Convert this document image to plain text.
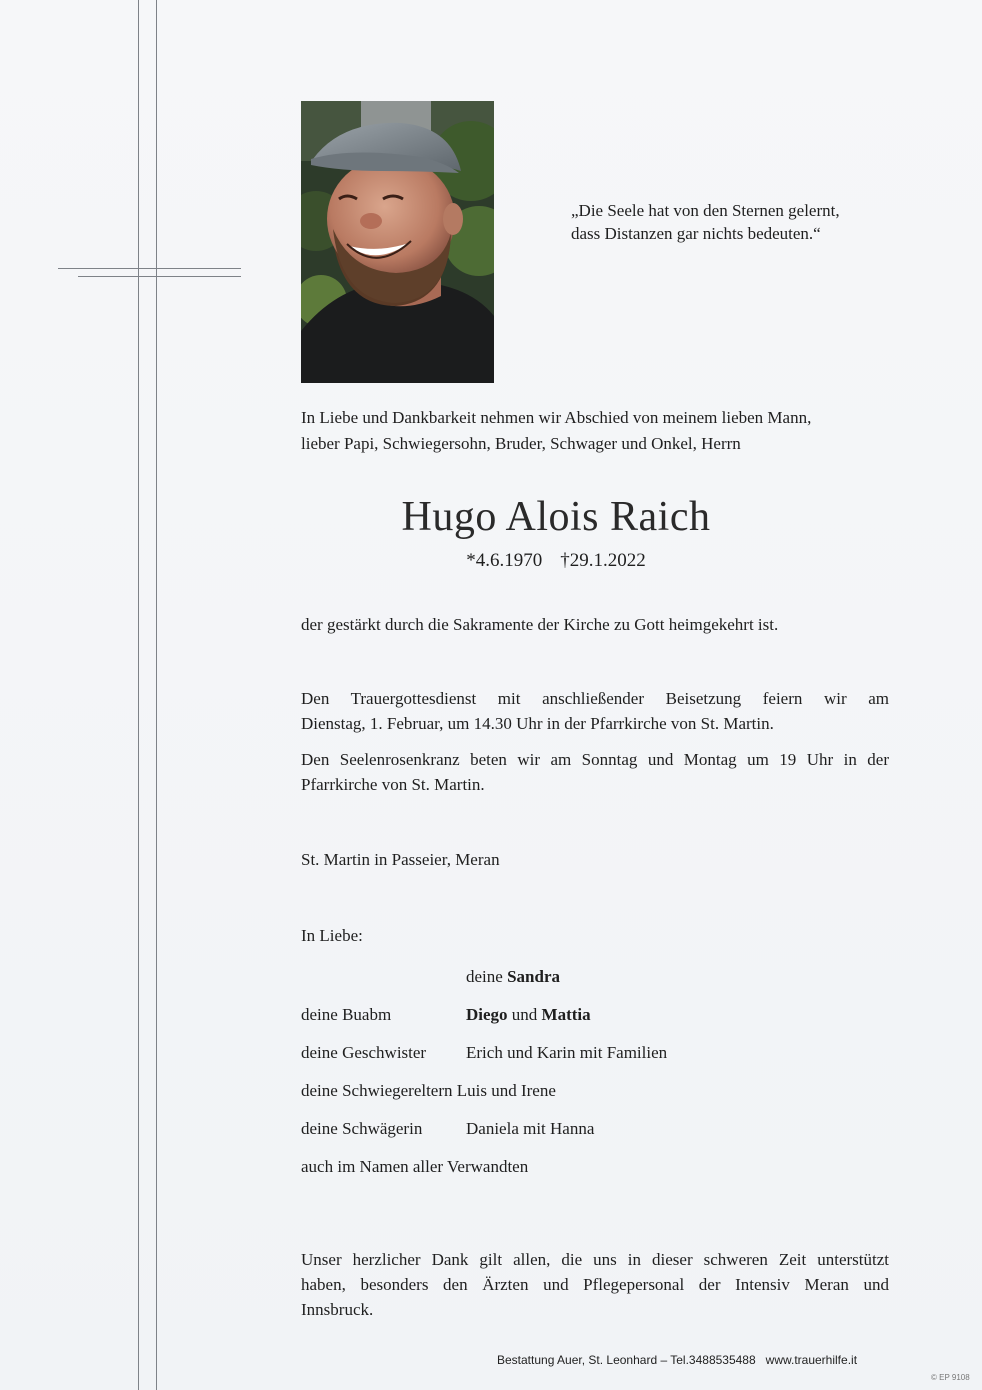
„Die Seele hat von den Sternen gelernt,
dass Distanzen gar nichts bedeuten.“
In Liebe und Dankbarkeit nehmen wir Abschied von meinem lieben Mann,
lieber Papi, Schwiegersohn, Bruder, Schwager und Onkel, Herrn
Hugo Alois Raich
*4.6.1970 †29.1.2022
der gestärkt durch die Sakramente der Kirche zu Gott heimgekehrt ist.
Den Trauergottesdienst mit anschließender Beisetzung feiern wir am
Dienstag, 1. Februar, um 14.30 Uhr in der Pfarrkirche von St. Martin.
Den Seelenrosenkranz beten wir am Sonntag und Montag um 19 Uhr in der
Pfarrkirche von St. Martin.
St. Martin in Passeier, Meran
In Liebe:
deine Sandra
deine Buabm	Diego und Mattia
deine Geschwister Erich und Karin mit Familien
deine Schwiegereltern Luis und Irene
deine Schwägerin	Daniela mit Hanna
auch im Namen aller Verwandten
Unser herzlicher Dank gilt allen, die uns in dieser schweren Zeit unterstützt
haben, besonders den Ärzten und Pflegepersonal der Intensiv Meran und
Innsbruck.
Bestattung Auer, St. Leonhard – Tel.3488535488   www.trauerhilfe.it
© EP 9108
